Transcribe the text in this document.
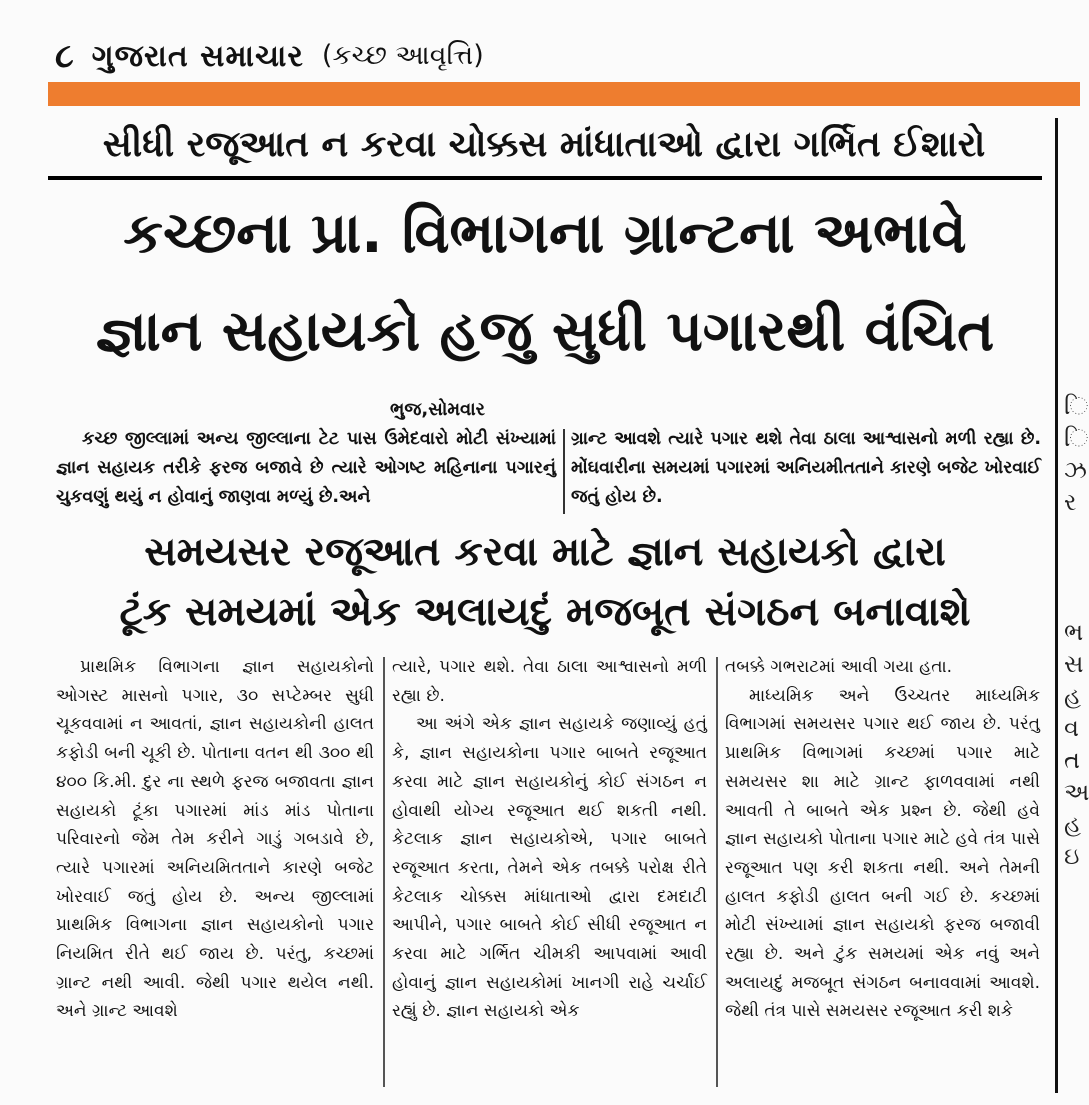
૮ ગુજરાત સમાચાર (કચ્છ આવૃત્તિ)
સીધી રજૂઆત ન કરવા ચોક્કસ માંધાતાઓ દ્વારા ગર્ભિત ઈશારો
કચ્છના પ્રા. વિભાગના ગ્રાન્ટના અભાવે
જ્ઞાન સહાયકો હજુ સુધી પગારથી વંચિત
ભુજ,સોમવાર
કચ્છ જીલ્લામાં અન્ય જીલ્લાના ટેટ પાસ ઉમેદવારો મોટી સંખ્યામાં જ્ઞાન સહાયક તરીકે ફરજ બજાવે છે ત્યારે ઓગષ્ટ મહિનાના પગારનું ચુકવણું થયું ન હોવાનું જાણવા મળ્યું છે.અને
ગ્રાન્ટ આવશે ત્યારે પગાર થશે તેવા ઠાલા આશ્વાસનો મળી રહ્યા છે. મોંઘવારીના સમયમાં પગારમાં અનિયમીતતાને કારણે બજેટ ખોરવાઈ જતું હોય છે.
સમયસર રજૂઆત કરવા માટે જ્ઞાન સહાયકો દ્વારા
ટૂંક સમયમાં એક અલાયદું મજબૂત સંગઠન બનાવાશે

પ્રાથમિક વિભાગના જ્ઞાન સહાયકોનો ઓગસ્ટ માસનો પગાર, ૩૦ સપ્ટેમ્બર સુધી ચૂકવવામાં ન આવતાં, જ્ઞાન સહાયકોની હાલત કફોડી બની ચૂકી છે. પોતાના વતન થી ૩૦૦ થી ૪૦૦ કિ.મી. દુર ના સ્થળે ફરજ બજાવતા જ્ઞાન સહાયકો ટૂંકા પગારમાં માંડ માંડ પોતાના પરિવારનો જેમ તેમ કરીને ગાડું ગબડાવે છે, ત્યારે પગારમાં અનિયમિતતાને કારણે બજેટ ખોરવાઈ જતું હોય છે. અન્ય જીલ્લામાં પ્રાથમિક વિભાગના જ્ઞાન સહાયકોનો પગાર નિયમિત રીતે થઈ જાય છે. પરંતુ, કચ્છમાં ગ્રાન્ટ નથી આવી. જેથી પગાર થયેલ નથી. અને ગ્રાન્ટ આવશે

ત્યારે, પગાર થશે. તેવા ઠાલા આશ્વાસનો મળી રહ્યા છે.

આ અંગે એક જ્ઞાન સહાયકે જણાવ્યું હતું કે, જ્ઞાન સહાયકોના પગાર બાબતે રજૂઆત કરવા માટે જ્ઞાન સહાયકોનું કોઈ સંગઠન ન હોવાથી યોગ્ય રજૂઆત થઈ શકતી નથી. કેટલાક જ્ઞાન સહાયકોએ, પગાર બાબતે રજૂઆત કરતા, તેમને એક તબક્કે પરોક્ષ રીતે કેટલાક ચોક્કસ માંધાતાઓ દ્વારા દમદાટી આપીને, પગાર બાબતે કોઈ સીધી રજૂઆત ન કરવા માટે ગર્ભિત ચીમકી આપવામાં આવી હોવાનું જ્ઞાન સહાયકોમાં ખાનગી રાહે ચર્ચાઈ રહ્યું છે. જ્ઞાન સહાયકો એક

તબક્કે ગભરાટમાં આવી ગયા હતા.

માધ્યમિક અને ઉચ્ચતર માધ્યમિક વિભાગમાં સમયસર પગાર થઈ જાય છે. પરંતુ પ્રાથમિક વિભાગમાં કચ્છમાં પગાર માટે સમયસર શા માટે ગ્રાન્ટ ફાળવવામાં નથી આવતી તે બાબતે એક પ્રશ્ન છે. જેથી હવે જ્ઞાન સહાયકો પોતાના પગાર માટે હવે તંત્ર પાસે રજૂઆત પણ કરી શકતા નથી. અને તેમની હાલત કફોડી હાલત બની ગઈ છે. કચ્છમાં મોટી સંખ્યામાં જ્ઞાન સહાયકો ફરજ બજાવી રહ્યા છે. અને ટુંક સમયમાં એક નવું અને અલાયદું મજબૂત સંગઠન બનાવવામાં આવશે. જેથી તંત્ર પાસે સમયસર રજૂઆત કરી શકે

િ
િ
ઝ
ર
ભ
સ
હ
વ
ત
અ
હ
ઇ
